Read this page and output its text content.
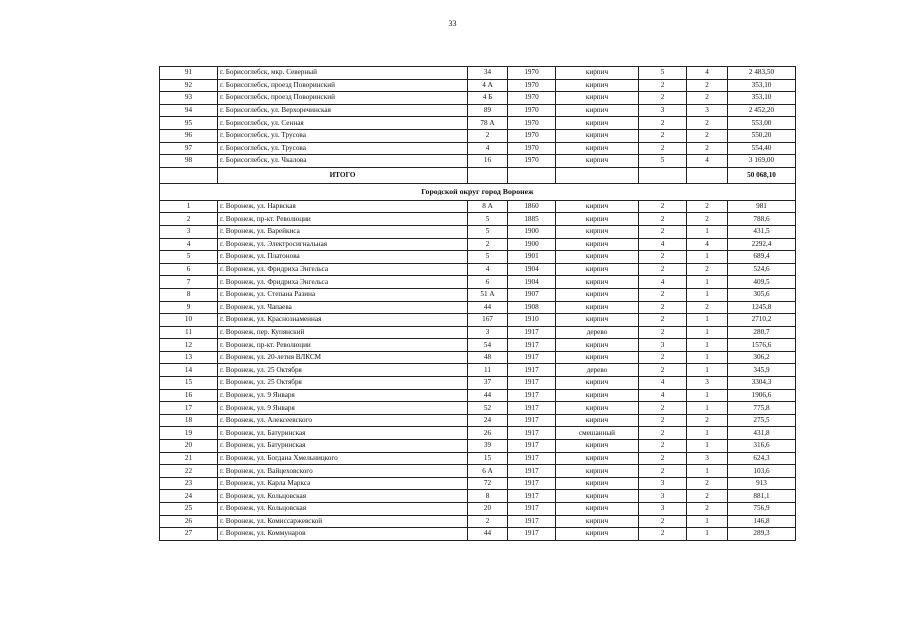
33
91	г. Борисоглебск, мкр. Северный	34	1970	кирпич	5	4	2 483,50
92	г. Борисоглебск, проезд Поворинский	4 А	1970	кирпич	2	2	353,10
93	г. Борисоглебск, проезд Поворинский	4 Б	1970	кирпич	2	2	353,10
94	г. Борисоглебск, ул. Верхоречинская	89	1970	кирпич	3	3	2 452,20
95	г. Борисоглебск, ул. Сенная	78 А	1970	кирпич	2	2	553,00
96	г. Борисоглебск, ул. Трусова	2	1970	кирпич	2	2	550,20
97	г. Борисоглебск, ул. Трусова	4	1970	кирпич	2	2	554,40
98	г. Борисоглебск, ул. Чкалова	16	1970	кирпич	5	4	3 169,00
	ИТОГО						50 068,10
Городской округ город Воронеж							
1	г. Воронеж, ул. Нарвская	8 А	1860	кирпич	2	2	981
2	г. Воронеж, пр-кт. Революции	5	1885	кирпич	2	2	788,6
3	г. Воронеж, ул. Варейкиса	5	1900	кирпич	2	1	431,5
4	г. Воронеж, ул. Электросигнальная	2	1900	кирпич	4	4	2292,4
5	г. Воронеж, ул. Платонова	5	1901	кирпич	2	1	689,4
6	г. Воронеж, ул. Фридриха Энгельса	4	1904	кирпич	2	2	524,6
7	г. Воронеж, ул. Фридриха Энгельса	6	1904	кирпич	4	1	409,5
8	г. Воронеж, ул. Степана Разина	51 А	1907	кирпич	2	1	305,6
9	г. Воронеж, ул. Чапаева	44	1908	кирпич	2	2	1245,8
10	г. Воронеж, ул. Краснознаменная	167	1910	кирпич	2	1	2710,2
11	г. Воронеж, пер. Купянский	3	1917	дерево	2	1	280,7
12	г. Воронеж, пр-кт. Революции	54	1917	кирпич	3	1	1576,6
13	г. Воронеж, ул. 20-летия ВЛКСМ	48	1917	кирпич	2	1	306,2
14	г. Воронеж, ул. 25 Октября	11	1917	дерево	2	1	345,9
15	г. Воронеж, ул. 25 Октября	37	1917	кирпич	4	3	3304,3
16	г. Воронеж, ул. 9 Января	44	1917	кирпич	4	1	1906,6
17	г. Воронеж, ул. 9 Января	52	1917	кирпич	2	1	775,8
18	г. Воронеж, ул. Алексеевского	24	1917	кирпич	2	2	275,5
19	г. Воронеж, ул. Батуринская	26	1917	смешанный	2	1	431,8
20	г. Воронеж, ул. Батуринская	39	1917	кирпич	2	1	316,6
21	г. Воронеж, ул. Богдана Хмельницкого	15	1917	кирпич	2	3	624,3
22	г. Воронеж, ул. Вайцеховского	6 А	1917	кирпич	2	1	103,6
23	г. Воронеж, ул. Карла Маркса	72	1917	кирпич	3	2	913
24	г. Воронеж, ул. Кольцовская	8	1917	кирпич	3	2	881,1
25	г. Воронеж, ул. Кольцовская	20	1917	кирпич	3	2	756,9
26	г. Воронеж, ул. Комиссаржевской	2	1917	кирпич	2	1	146,8
27	г. Воронеж, ул. Коммунаров	44	1917	кирпич	2	1	289,3
